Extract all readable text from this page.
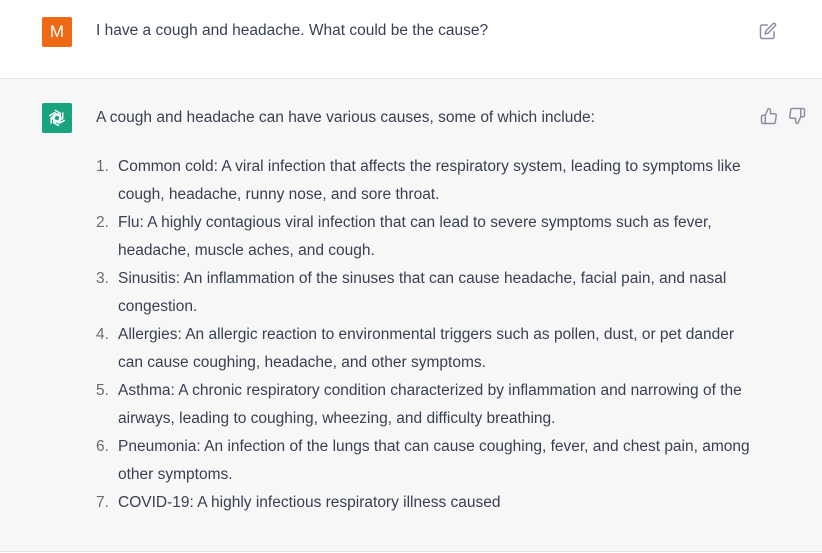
M	I have a cough and headache. What could be the cause?
A cough and headache can have various causes, some of which include:
1. Common cold: A viral infection that affects the respiratory system, leading to symptoms like cough, headache, runny nose, and sore throat.
2. Flu: A highly contagious viral infection that can lead to severe symptoms such as fever, headache, muscle aches, and cough.
3. Sinusitis: An inflammation of the sinuses that can cause headache, facial pain, and nasal congestion.
4. Allergies: An allergic reaction to environmental triggers such as pollen, dust, or pet dander can cause coughing, headache, and other symptoms.
5. Asthma: A chronic respiratory condition characterized by inflammation and narrowing of the airways, leading to coughing, wheezing, and difficulty breathing.
6. Pneumonia: An infection of the lungs that can cause coughing, fever, and chest pain, among other symptoms.
7. COVID-19: A highly infectious respiratory illness caused
